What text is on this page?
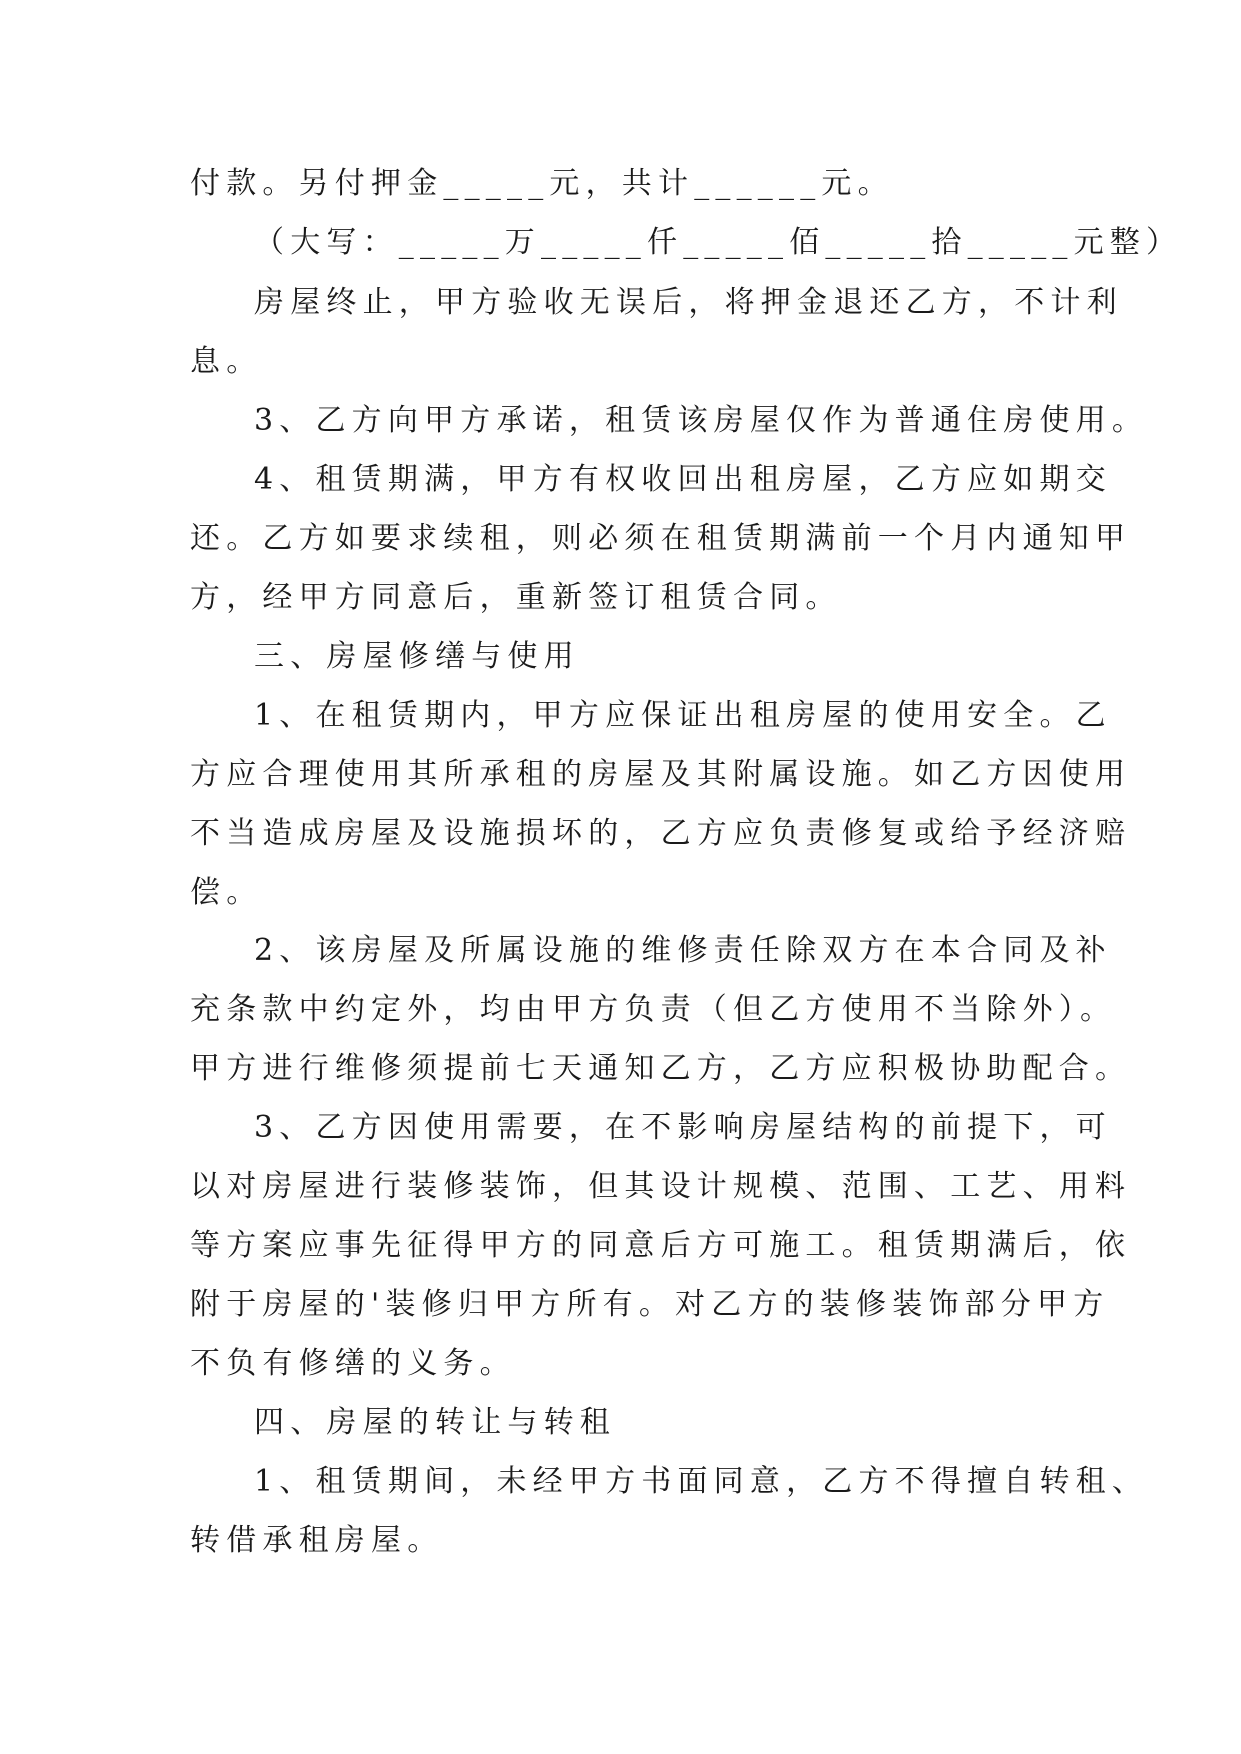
付款。另付押金_____元，共计______元。
（大写：_____万_____仟_____佰_____拾_____元整）
房屋终止，甲方验收无误后，将押金退还乙方，不计利
息。
3、乙方向甲方承诺，租赁该房屋仅作为普通住房使用。
4、租赁期满，甲方有权收回出租房屋，乙方应如期交
还。乙方如要求续租，则必须在租赁期满前一个月内通知甲
方，经甲方同意后，重新签订租赁合同。
三、房屋修缮与使用
1、在租赁期内，甲方应保证出租房屋的使用安全。乙
方应合理使用其所承租的房屋及其附属设施。如乙方因使用
不当造成房屋及设施损坏的，乙方应负责修复或给予经济赔
偿。
2、该房屋及所属设施的维修责任除双方在本合同及补
充条款中约定外，均由甲方负责（但乙方使用不当除外）。
甲方进行维修须提前七天通知乙方，乙方应积极协助配合。
3、乙方因使用需要，在不影响房屋结构的前提下，可
以对房屋进行装修装饰，但其设计规模、范围、工艺、用料
等方案应事先征得甲方的同意后方可施工。租赁期满后，依
附于房屋的'装修归甲方所有。对乙方的装修装饰部分甲方
不负有修缮的义务。
四、房屋的转让与转租
1、租赁期间，未经甲方书面同意，乙方不得擅自转租、
转借承租房屋。
